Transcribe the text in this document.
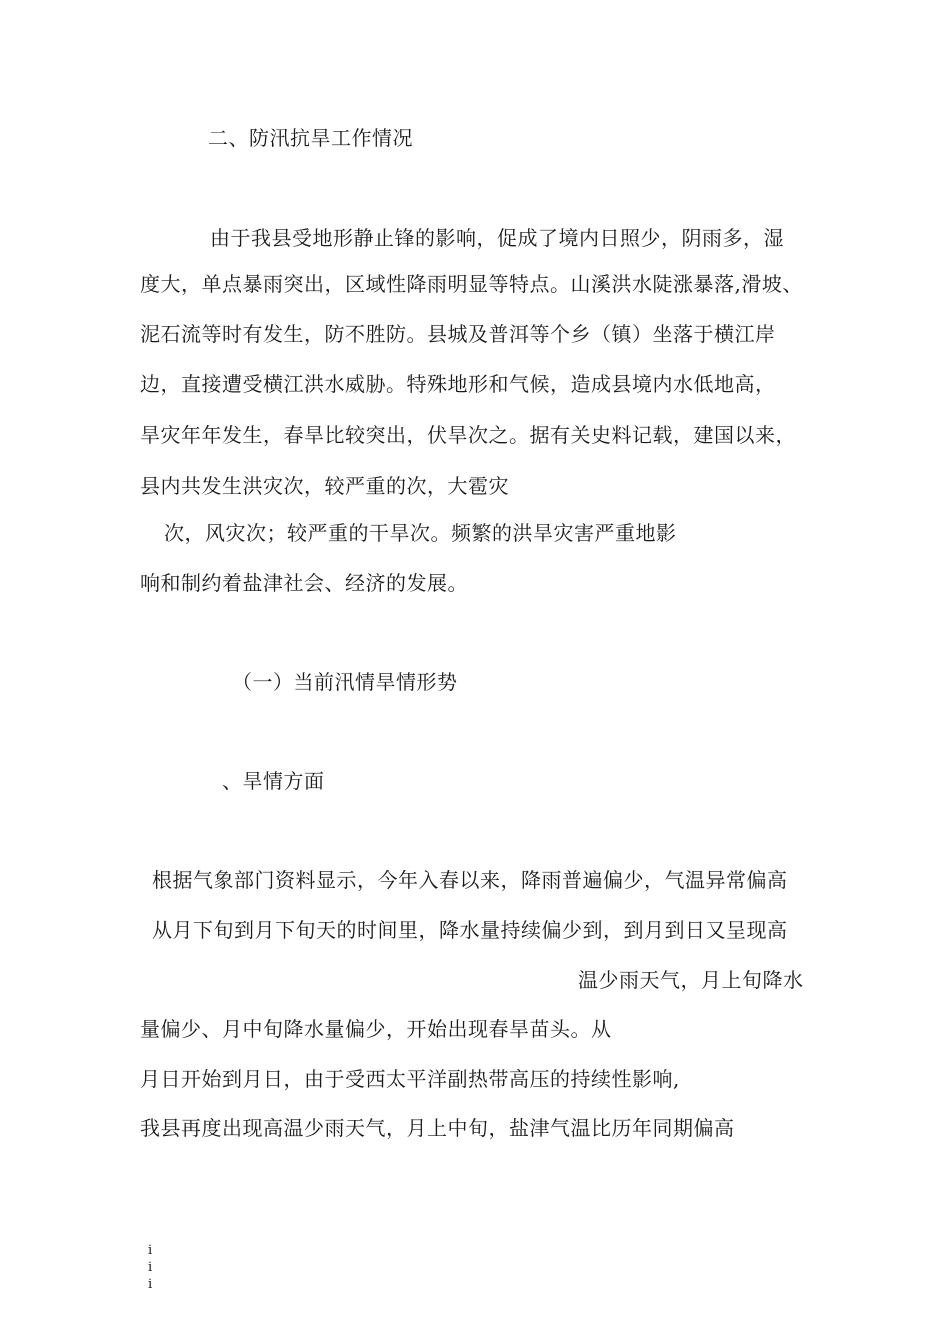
二、防汛抗旱工作情况
由于我县受地形静止锋的影响，促成了境内日照少，阴雨多，湿
度大，单点暴雨突出，区域性降雨明显等特点。山溪洪水陡涨暴落,滑坡、
泥石流等时有发生，防不胜防。县城及普洱等个乡（镇）坐落于横江岸
边，直接遭受横江洪水威胁。特殊地形和气候，造成县境内水低地高，
旱灾年年发生，春旱比较突出，伏旱次之。据有关史料记载，建国以来，
县内共发生洪灾次，较严重的次，大雹灾
次，风灾次；较严重的干旱次。频繁的洪旱灾害严重地影
响和制约着盐津社会、经济的发展。
（一）当前汛情旱情形势
、旱情方面
根据气象部门资料显示，今年入春以来，降雨普遍偏少，气温异常偏高
从月下旬到月下旬天的时间里，降水量持续偏少到，到月到日又呈现高
温少雨天气，月上旬降水
量偏少、月中旬降水量偏少，开始出现春旱苗头。从
月日开始到月日，由于受西太平洋副热带高压的持续性影响,
我县再度出现高温少雨天气，月上中旬，盐津气温比历年同期偏高
i
i
i
